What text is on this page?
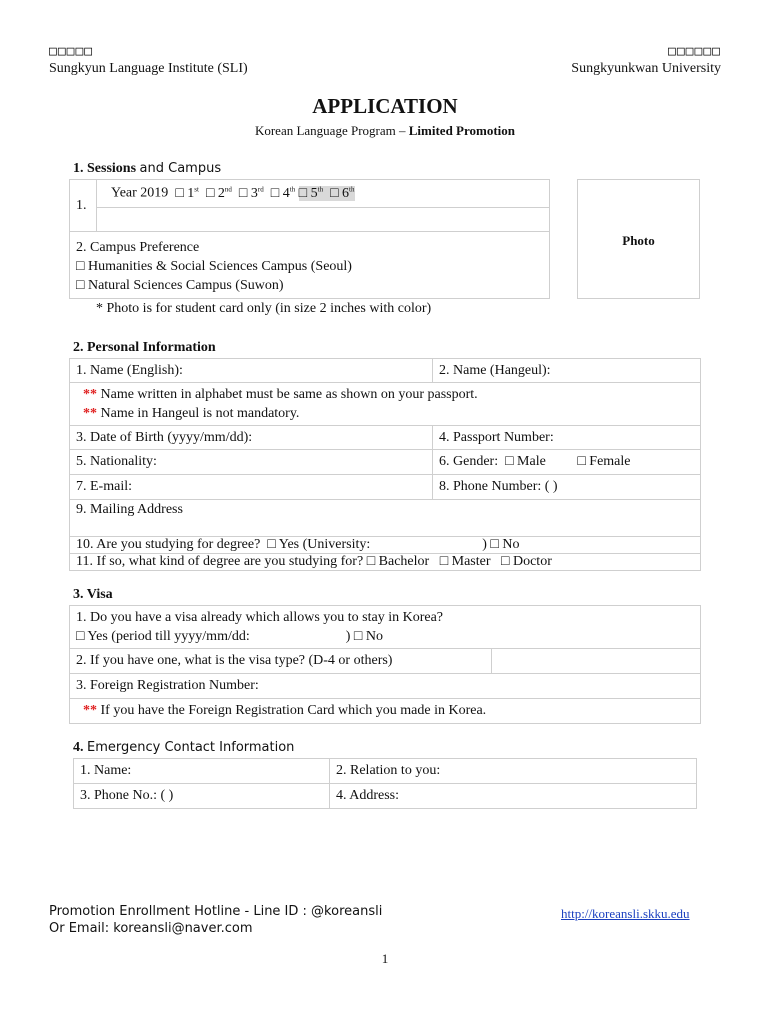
□□□□□
Sungkyun Language Institute (SLI)
□□□□□□
Sungkyunkwan University
APPLICATION
Korean Language Program – Limited Promotion
1. Sessions and Campus
1.	Year 2019 □ 1st □ 2nd □ 3rd □ 4th □ 5th □ 6th

2. Campus Preference
□ Humanities & Social Sciences Campus (Seoul)
□ Natural Sciences Campus (Suwon)
Photo
* Photo is for student card only (in size 2 inches with color)
2. Personal Information
1. Name (English):	2. Name (Hangeul):

** Name written in alphabet must be same as shown on your passport.
** Name in Hangeul is not mandatory.	

3. Date of Birth (yyyy/mm/dd):	4. Passport Number:
5. Nationality:	6. Gender: □ Male □ Female
7. E-mail:	8. Phone Number: ( )
9. Mailing Address	
10. Are you studying for degree? □ Yes (University: ) □ No	
11. If so, what kind of degree are you studying for? □ Bachelor □ Master □ Doctor	
3. Visa
1. Do you have a visa already which allows you to stay in Korea?
□ Yes (period till yyyy/mm/dd:	) □ No

2. If you have one, what is the visa type? (D-4 or others)	
3. Foreign Registration Number:
** If you have the Foreign Registration Card which you made in Korea.
4. Emergency Contact Information
1. Name:	2. Relation to you:
3. Phone No.: ( )	4. Address:
Promotion Enrollment Hotline - Line ID : @koreansli
Or Email: koreansli@naver.com
http://koreansli.skku.edu
1
